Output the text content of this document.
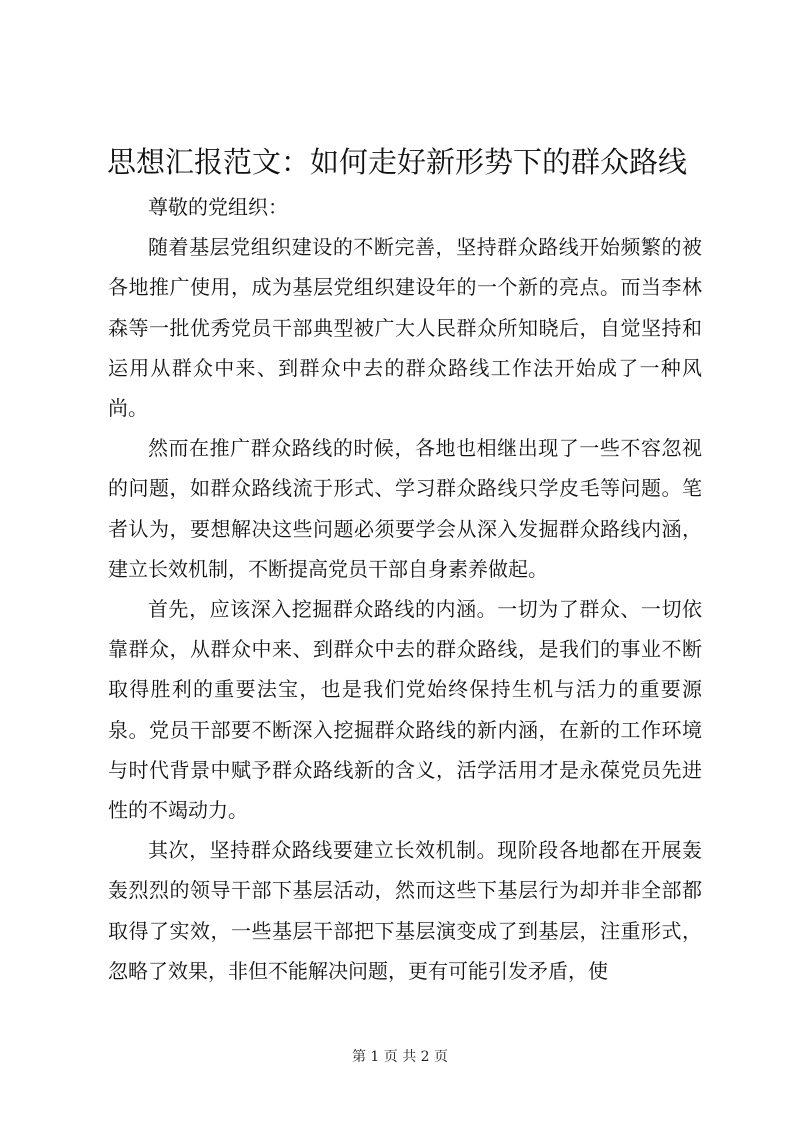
思想汇报范文：如何走好新形势下的群众路线

尊敬的党组织：

随着基层党组织建设的不断完善，坚持群众路线开始频繁的被各地推广使用，成为基层党组织建设年的一个新的亮点。而当李林森等一批优秀党员干部典型被广大人民群众所知晓后，自觉坚持和运用从群众中来、到群众中去的群众路线工作法开始成了一种风尚。

然而在推广群众路线的时候，各地也相继出现了一些不容忽视的问题，如群众路线流于形式、学习群众路线只学皮毛等问题。笔者认为，要想解决这些问题必须要学会从深入发掘群众路线内涵，建立长效机制，不断提高党员干部自身素养做起。

首先，应该深入挖掘群众路线的内涵。一切为了群众、一切依靠群众，从群众中来、到群众中去的群众路线，是我们的事业不断取得胜利的重要法宝，也是我们党始终保持生机与活力的重要源泉。党员干部要不断深入挖掘群众路线的新内涵，在新的工作环境与时代背景中赋予群众路线新的含义，活学活用才是永葆党员先进性的不竭动力。

其次，坚持群众路线要建立长效机制。现阶段各地都在开展轰轰烈烈的领导干部下基层活动，然而这些下基层行为却并非全部都取得了实效，一些基层干部把下基层演变成了到基层，注重形式，忽略了效果，非但不能解决问题，更有可能引发矛盾，使

第 1 页 共 2 页
